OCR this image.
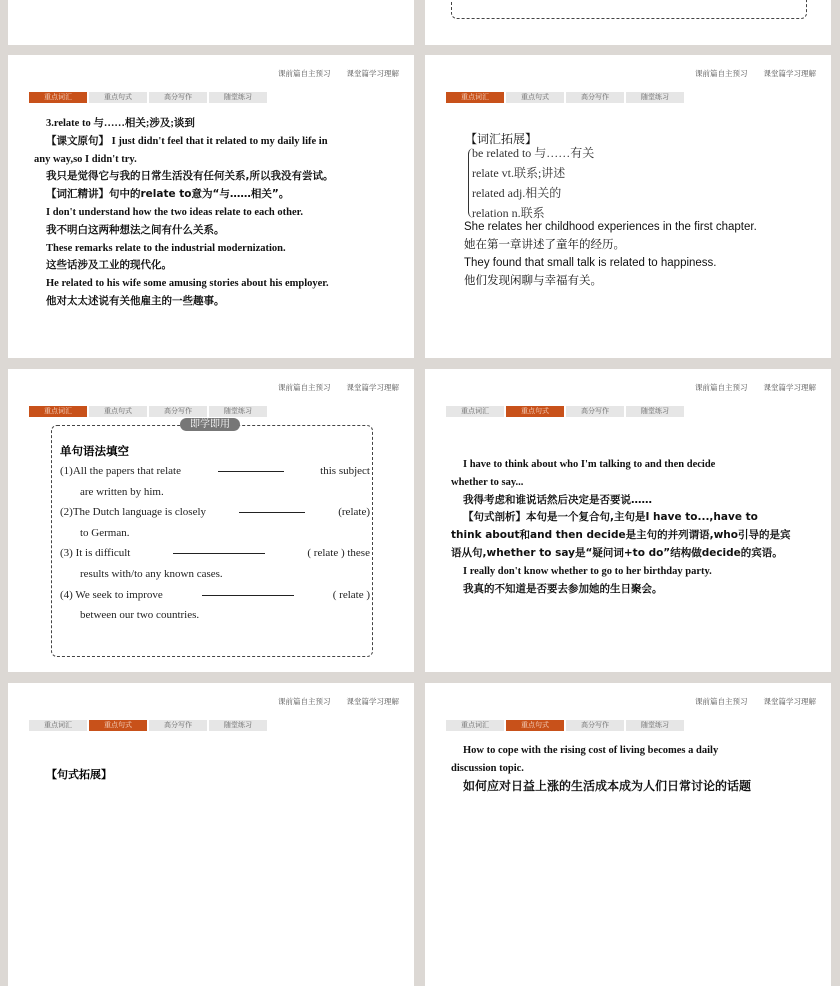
课前篇自主预习 课堂篇学习理解
重点词汇	重点句式	高分写作	随堂练习
3.relate to 与……相关;涉及;谈到
【课文原句】 I just didn't feel that it related to my daily life in
any way,so I didn't try.
我只是觉得它与我的日常生活没有任何关系,所以我没有尝试。
【词汇精讲】句中的relate to意为“与……相关”。
I don't understand how the two ideas relate to each other.
我不明白这两种想法之间有什么关系。
These remarks relate to the industrial modernization.
这些话涉及工业的现代化。
He related to his wife some amusing stories about his employer.
他对太太述说有关他雇主的一些趣事。
课前篇自主预习 课堂篇学习理解
重点词汇	重点句式	高分写作	随堂练习
【词汇拓展】
be related to 与……有关
relate vt.联系;讲述
related adj.相关的
relation n.联系
She relates her childhood experiences in the first chapter.
她在第一章讲述了童年的经历。
They found that small talk is related to happiness.
他们发现闲聊与幸福有关。
课前篇自主预习 课堂篇学习理解
重点词汇	重点句式	高分写作	随堂练习
即学即用
单句语法填空
(1)All the papers that relate	this subject
are written by him.
(2)The Dutch language is closely	(relate)
to German.
(3) It is difficult	( relate ) these
results with/to any known cases.
(4) We seek to improve	( relate )
between our two countries.
课前篇自主预习 课堂篇学习理解
重点词汇	重点句式	高分写作	随堂练习
I have to think about who I'm talking to and then decide
whether to say...
我得考虑和谁说话然后决定是否要说……
【句式剖析】本句是一个复合句,主句是I have to...,have to
think about和and then decide是主句的并列谓语,who引导的是宾
语从句,whether to say是“疑问词+to do”结构做decide的宾语。
I really don't know whether to go to her birthday party.
我真的不知道是否要去参加她的生日聚会。
课前篇自主预习 课堂篇学习理解
重点词汇	重点句式	高分写作	随堂练习
【句式拓展】
课前篇自主预习 课堂篇学习理解
重点词汇	重点句式	高分写作	随堂练习
How to cope with the rising cost of living becomes a daily
discussion topic.
如何应对日益上涨的生活成本成为人们日常讨论的话题
